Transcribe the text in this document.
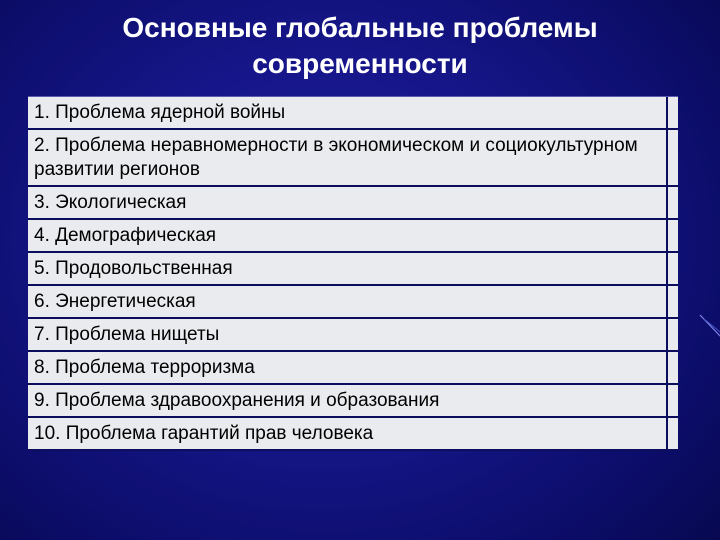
Основные глобальные проблемы
современности
1. Проблема ядерной войны
2. Проблема неравномерности в экономическом и социокультурном развитии регионов
3. Экологическая
4. Демографическая
5. Продовольственная
6. Энергетическая
7. Проблема нищеты
8. Проблема терроризма
9. Проблема здравоохранения и образования
10. Проблема гарантий прав человека
